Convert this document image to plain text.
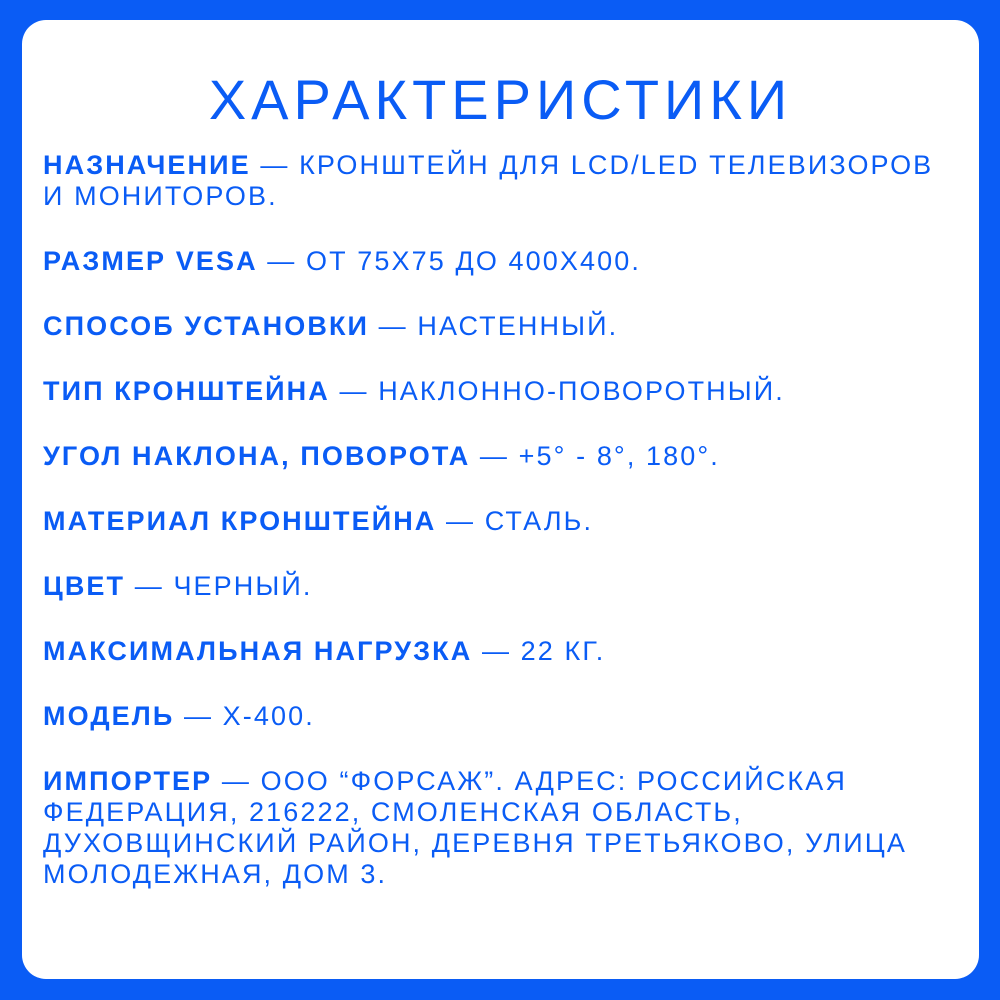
ХАРАКТЕРИСТИКИ
НАЗНАЧЕНИЕ — КРОНШТЕЙН ДЛЯ LCD/LED ТЕЛЕВИЗОРОВ И МОНИТОРОВ.
РАЗМЕР VESA — ОТ 75Х75 ДО 400Х400.
СПОСОБ УСТАНОВКИ — НАСТЕННЫЙ.
ТИП КРОНШТЕЙНА — НАКЛОННО-ПОВОРОТНЫЙ.
УГОЛ НАКЛОНА, ПОВОРОТА — +5° - 8°, 180°.
МАТЕРИАЛ КРОНШТЕЙНА — СТАЛЬ.
ЦВЕТ — ЧЕРНЫЙ.
МАКСИМАЛЬНАЯ НАГРУЗКА — 22 КГ.
МОДЕЛЬ — X-400.
ИМПОРТЕР — ООО “ФОРСАЖ”. АДРЕС: РОССИЙСКАЯ ФЕДЕРАЦИЯ, 216222, СМОЛЕНСКАЯ ОБЛАСТЬ, ДУХОВЩИНСКИЙ РАЙОН, ДЕРЕВНЯ ТРЕТЬЯКОВО, УЛИЦА МОЛОДЕЖНАЯ, ДОМ 3.
